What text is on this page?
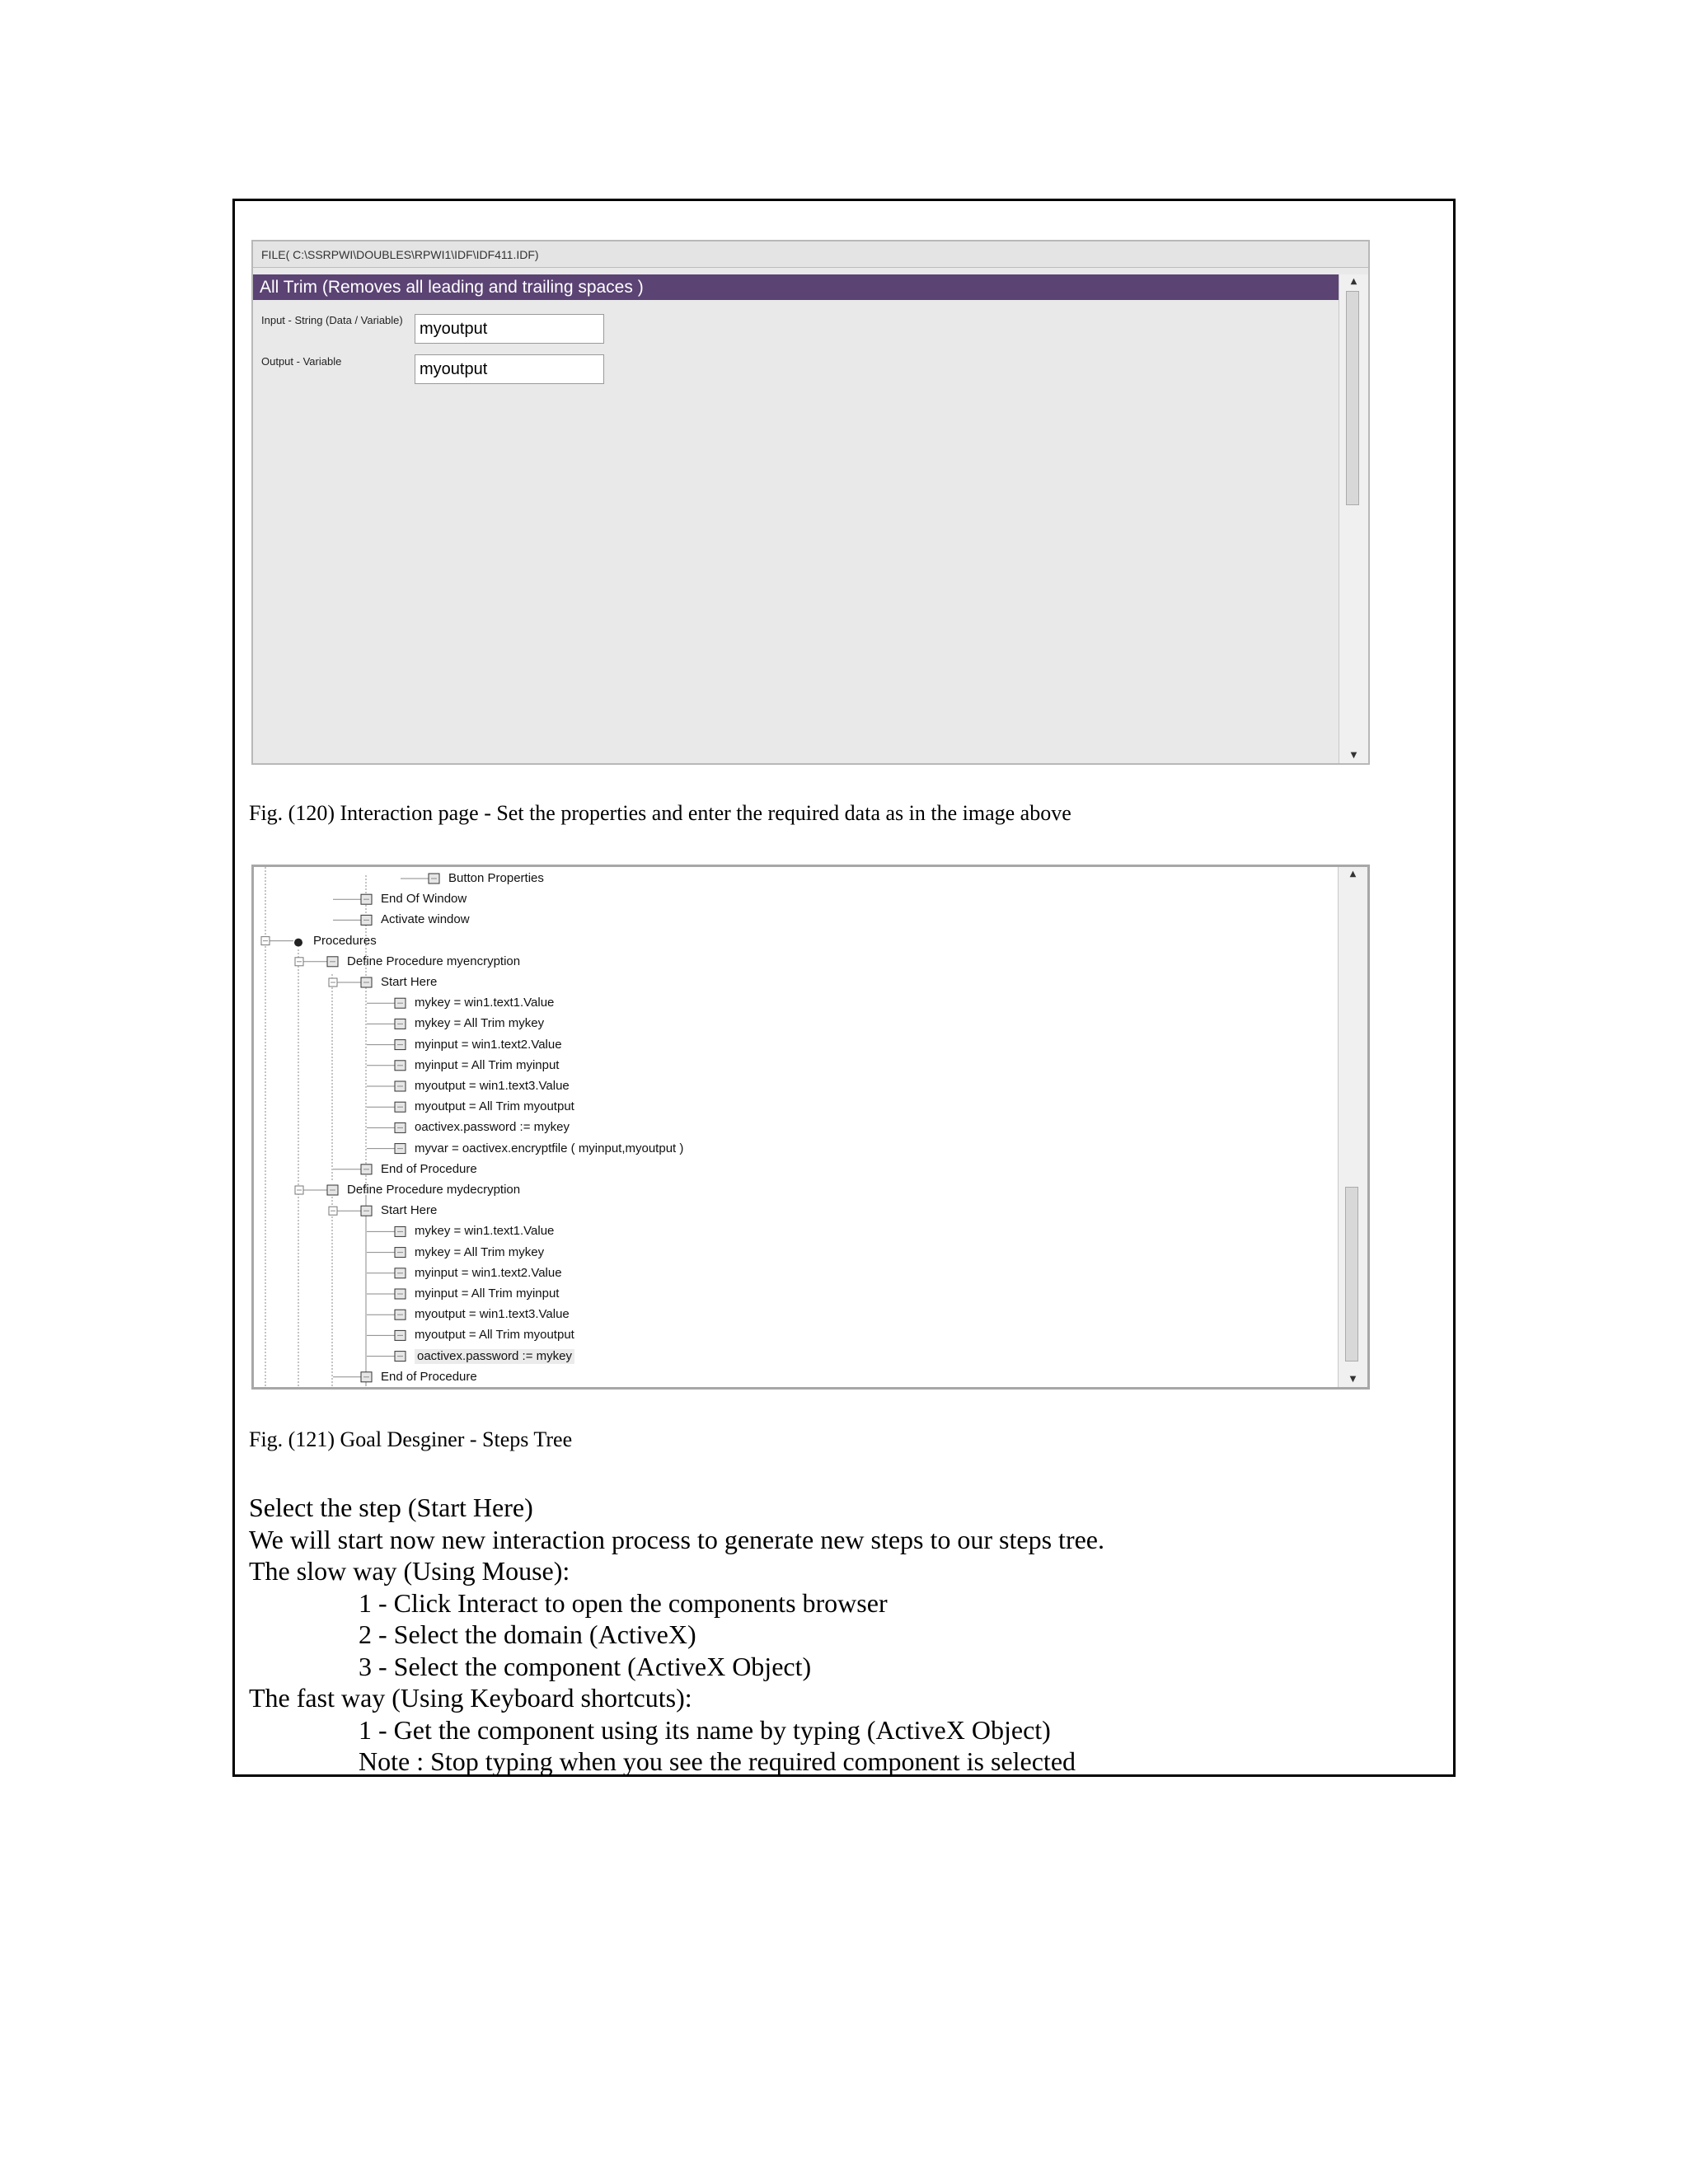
FILE( C:\SSRPWI\DOUBLES\RPWI1\IDF\IDF411.IDF)
All Trim (Removes all leading and trailing spaces )
Input - String (Data / Variable)	myoutput
Output - Variable	myoutput
▲
▼
Fig. (120) Interaction page - Set the properties and enter the required data as in the image above
Button Properties
End Of Window
Activate window
Procedures
Define Procedure myencryption
Start Here
mykey = win1.text1.Value
mykey = All Trim mykey
myinput = win1.text2.Value
myinput = All Trim myinput
myoutput = win1.text3.Value
myoutput = All Trim myoutput
oactivex.password := mykey
myvar = oactivex.encryptfile ( myinput,myoutput )
End of Procedure
Define Procedure mydecryption
Start Here
mykey = win1.text1.Value
mykey = All Trim mykey
myinput = win1.text2.Value
myinput = All Trim myinput
myoutput = win1.text3.Value
myoutput = All Trim myoutput
oactivex.password := mykey
End of Procedure
▲
▼
Fig. (121) Goal Desginer - Steps Tree
Select the step (Start Here)
We will start now new interaction process to generate new steps to our steps tree.
The slow way (Using Mouse):
1 - Click Interact to open the components browser
2 - Select the domain (ActiveX)
3 - Select the component (ActiveX Object)
The fast way (Using Keyboard shortcuts):
1 - Get the component using its name by typing (ActiveX Object)
Note : Stop typing when you see the required component is selected
